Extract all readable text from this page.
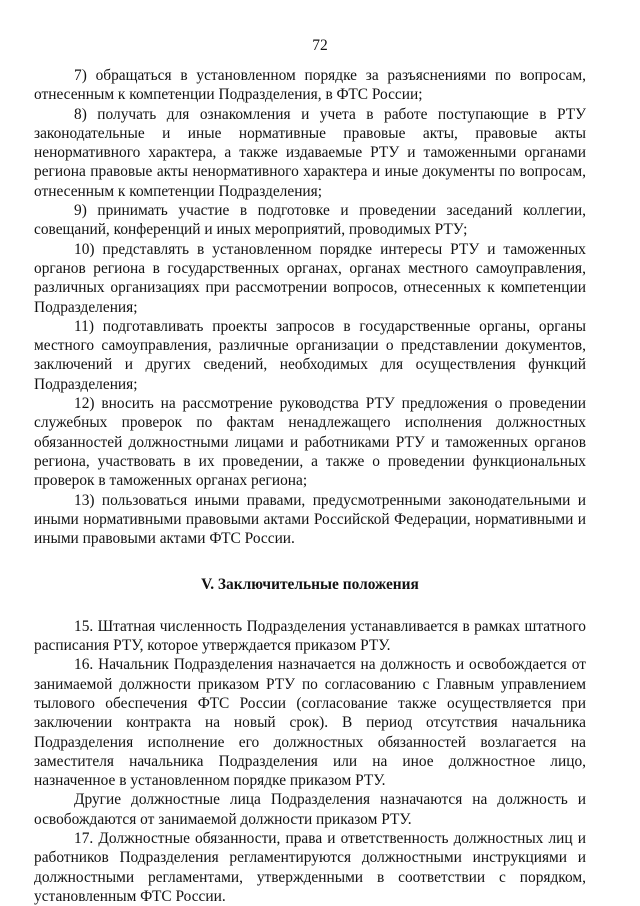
72

7) обращаться в установленном порядке за разъяснениями по вопросам, отнесенным к компетенции Подразделения, в ФТС России;

8) получать для ознакомления и учета в работе поступающие в РТУ законодательные и иные нормативные правовые акты, правовые акты ненормативного характера, а также издаваемые РТУ и таможенными органами региона правовые акты ненормативного характера и иные документы по вопросам, отнесенным к компетенции Подразделения;

9) принимать участие в подготовке и проведении заседаний коллегии, совещаний, конференций и иных мероприятий, проводимых РТУ;

10) представлять в установленном порядке интересы РТУ и таможенных органов региона в государственных органах, органах местного самоуправления, различных организациях при рассмотрении вопросов, отнесенных к компетенции Подразделения;

11) подготавливать проекты запросов в государственные органы, органы местного самоуправления, различные организации о представлении документов, заключений и других сведений, необходимых для осуществления функций Подразделения;

12) вносить на рассмотрение руководства РТУ предложения о проведении служебных проверок по фактам ненадлежащего исполнения должностных обязанностей должностными лицами и работниками РТУ и таможенных органов региона, участвовать в их проведении, а также о проведении функциональных проверок в таможенных органах региона;

13) пользоваться иными правами, предусмотренными законодательными и иными нормативными правовыми актами Российской Федерации, нормативными и иными правовыми актами ФТС России.

V. Заключительные положения

15. Штатная численность Подразделения устанавливается в рамках штатного расписания РТУ, которое утверждается приказом РТУ.

16. Начальник Подразделения назначается на должность и освобождается от занимаемой должности приказом РТУ по согласованию с Главным управлением тылового обеспечения ФТС России (согласование также осуществляется при заключении контракта на новый срок). В период отсутствия начальника Подразделения исполнение его должностных обязанностей возлагается на заместителя начальника Подразделения или на иное должностное лицо, назначенное в установленном порядке приказом РТУ.

Другие должностные лица Подразделения назначаются на должность и освобождаются от занимаемой должности приказом РТУ.

17. Должностные обязанности, права и ответственность должностных лиц и работников Подразделения регламентируются должностными инструкциями и должностными регламентами, утвержденными в соответствии с порядком, установленным ФТС России.
